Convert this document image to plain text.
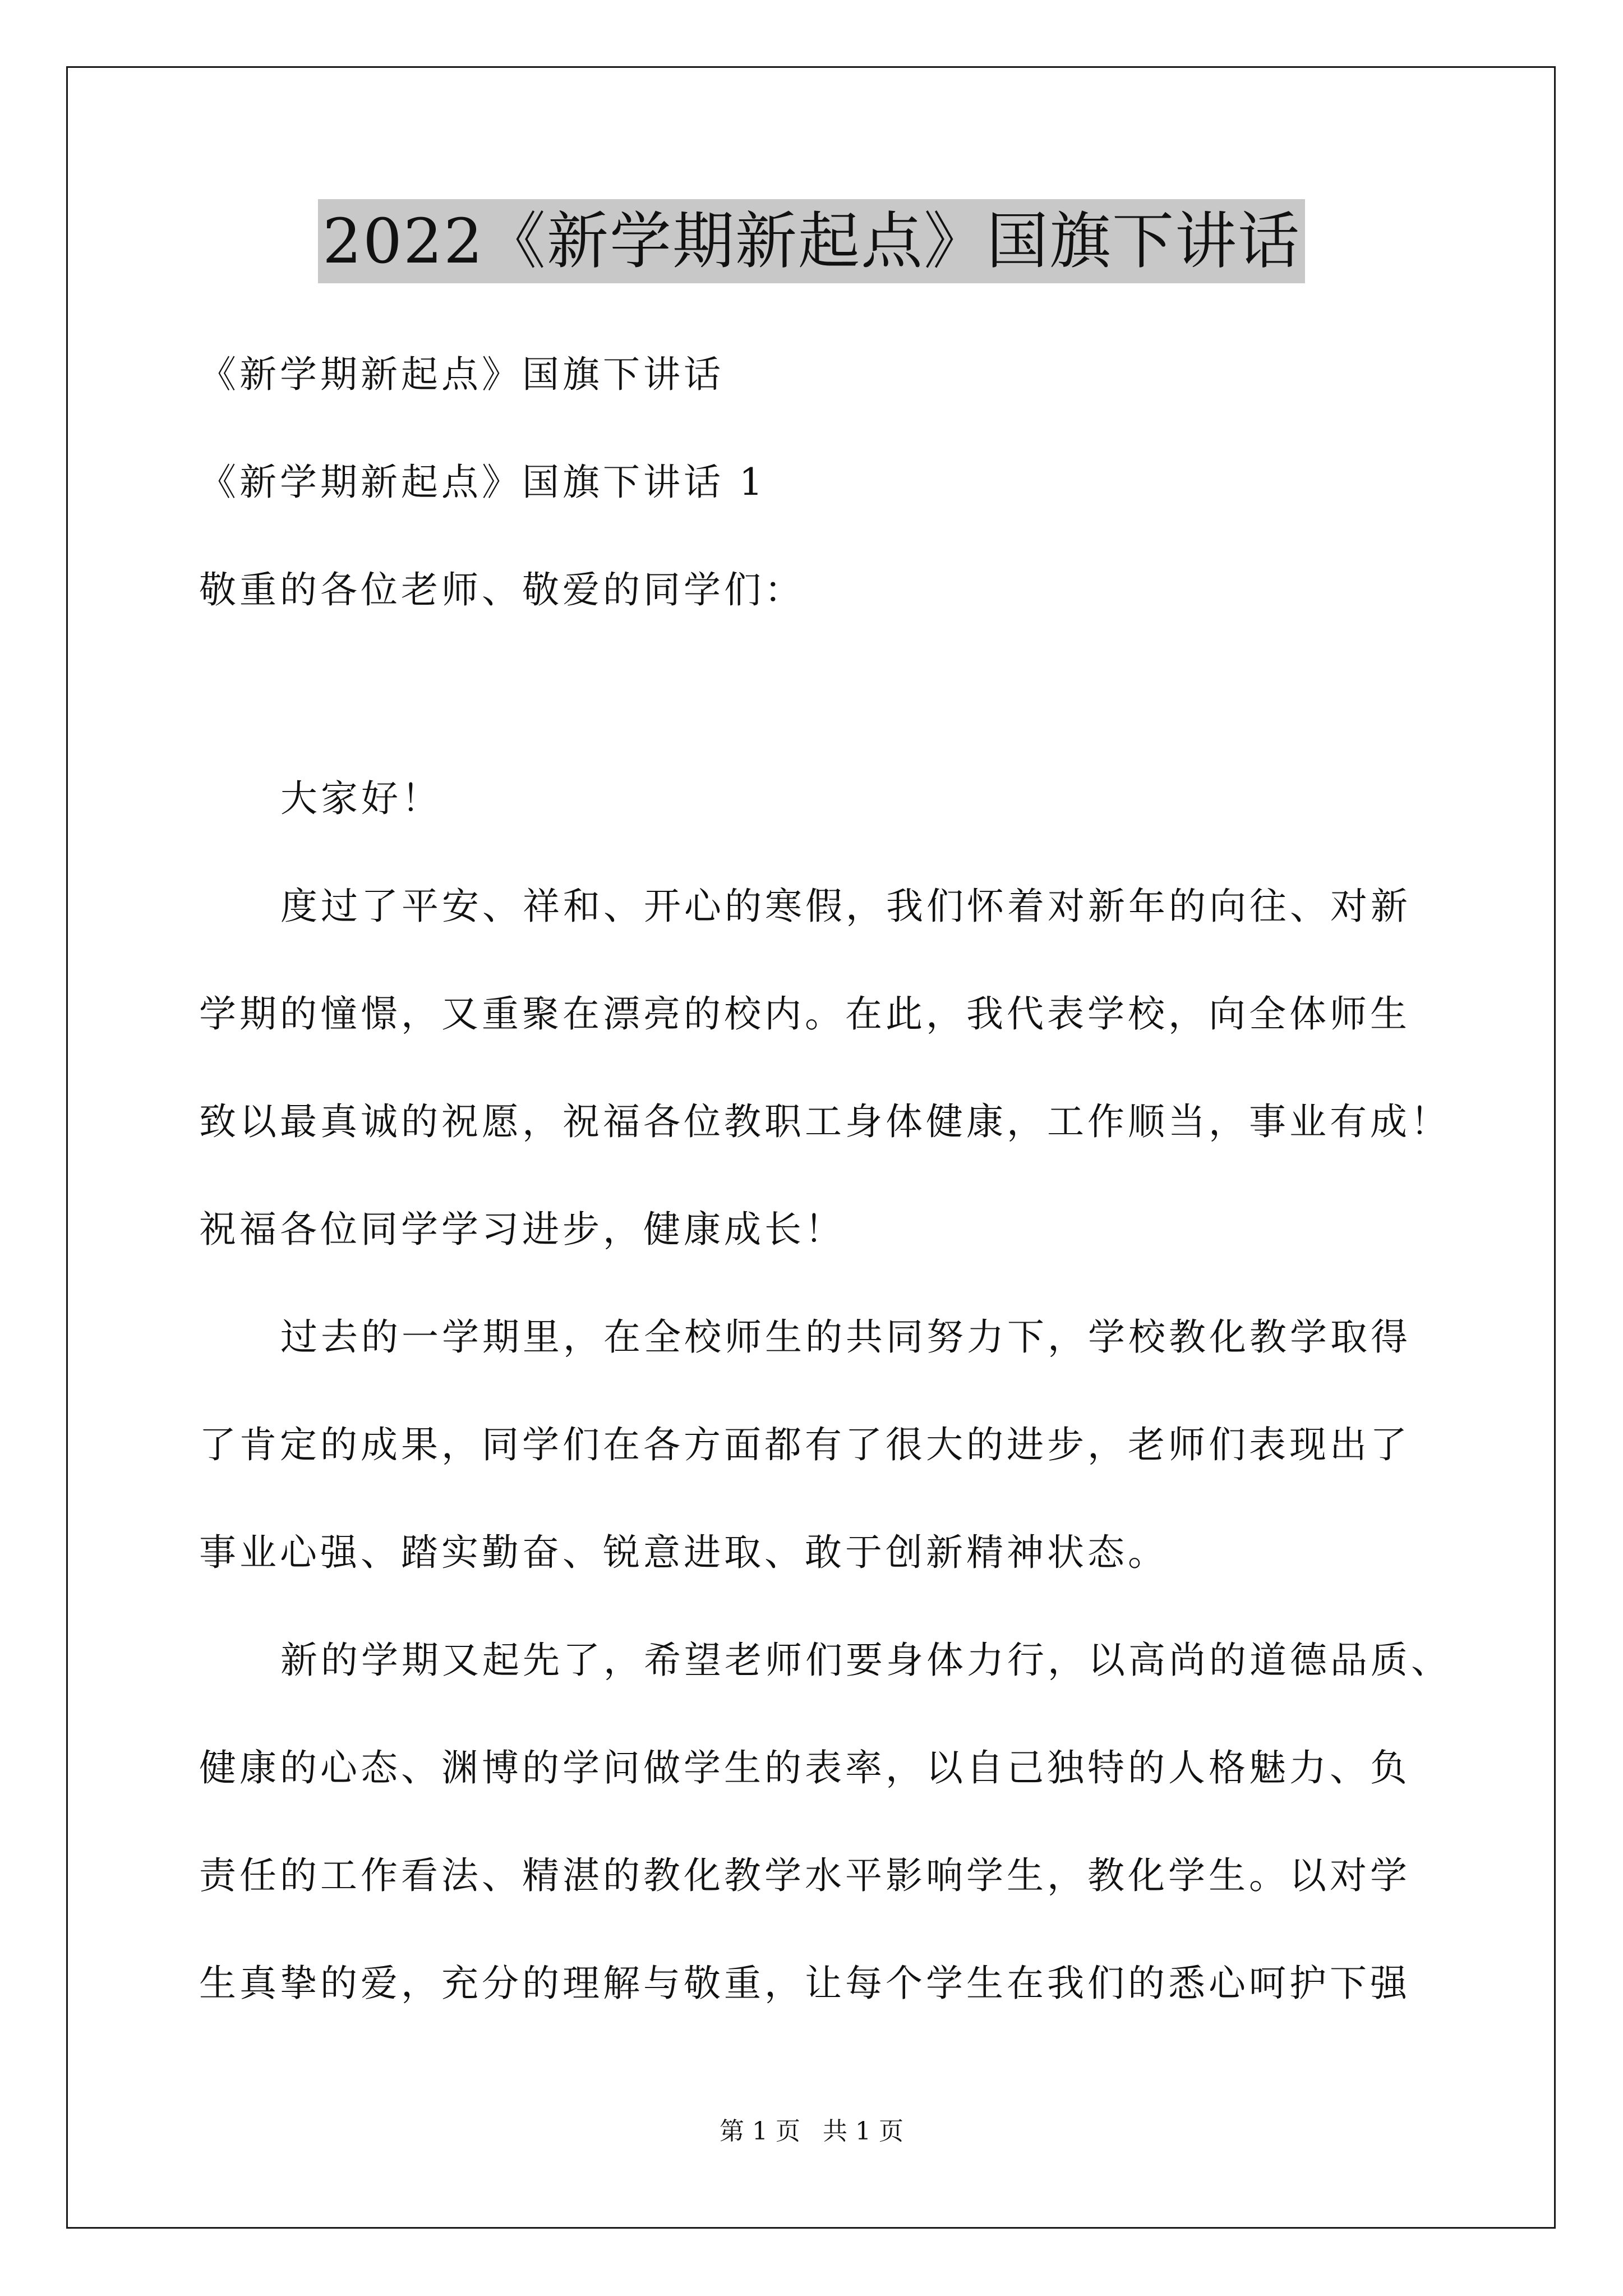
2022《新学期新起点》国旗下讲话

《新学期新起点》国旗下讲话

《新学期新起点》国旗下讲话 1

敬重的各位老师、敬爱的同学们：

大家好！

度过了平安、祥和、开心的寒假，我们怀着对新年的向往、对新

学期的憧憬，又重聚在漂亮的校内。在此，我代表学校，向全体师生

致以最真诚的祝愿，祝福各位教职工身体健康，工作顺当，事业有成！

祝福各位同学学习进步，健康成长！

过去的一学期里，在全校师生的共同努力下，学校教化教学取得

了肯定的成果，同学们在各方面都有了很大的进步，老师们表现出了

事业心强、踏实勤奋、锐意进取、敢于创新精神状态。

新的学期又起先了，希望老师们要身体力行，以高尚的道德品质、

健康的心态、渊博的学问做学生的表率，以自己独特的人格魅力、负

责任的工作看法、精湛的教化教学水平影响学生，教化学生。以对学

生真挚的爱，充分的理解与敬重，让每个学生在我们的悉心呵护下强

第 1 页 共 1 页
